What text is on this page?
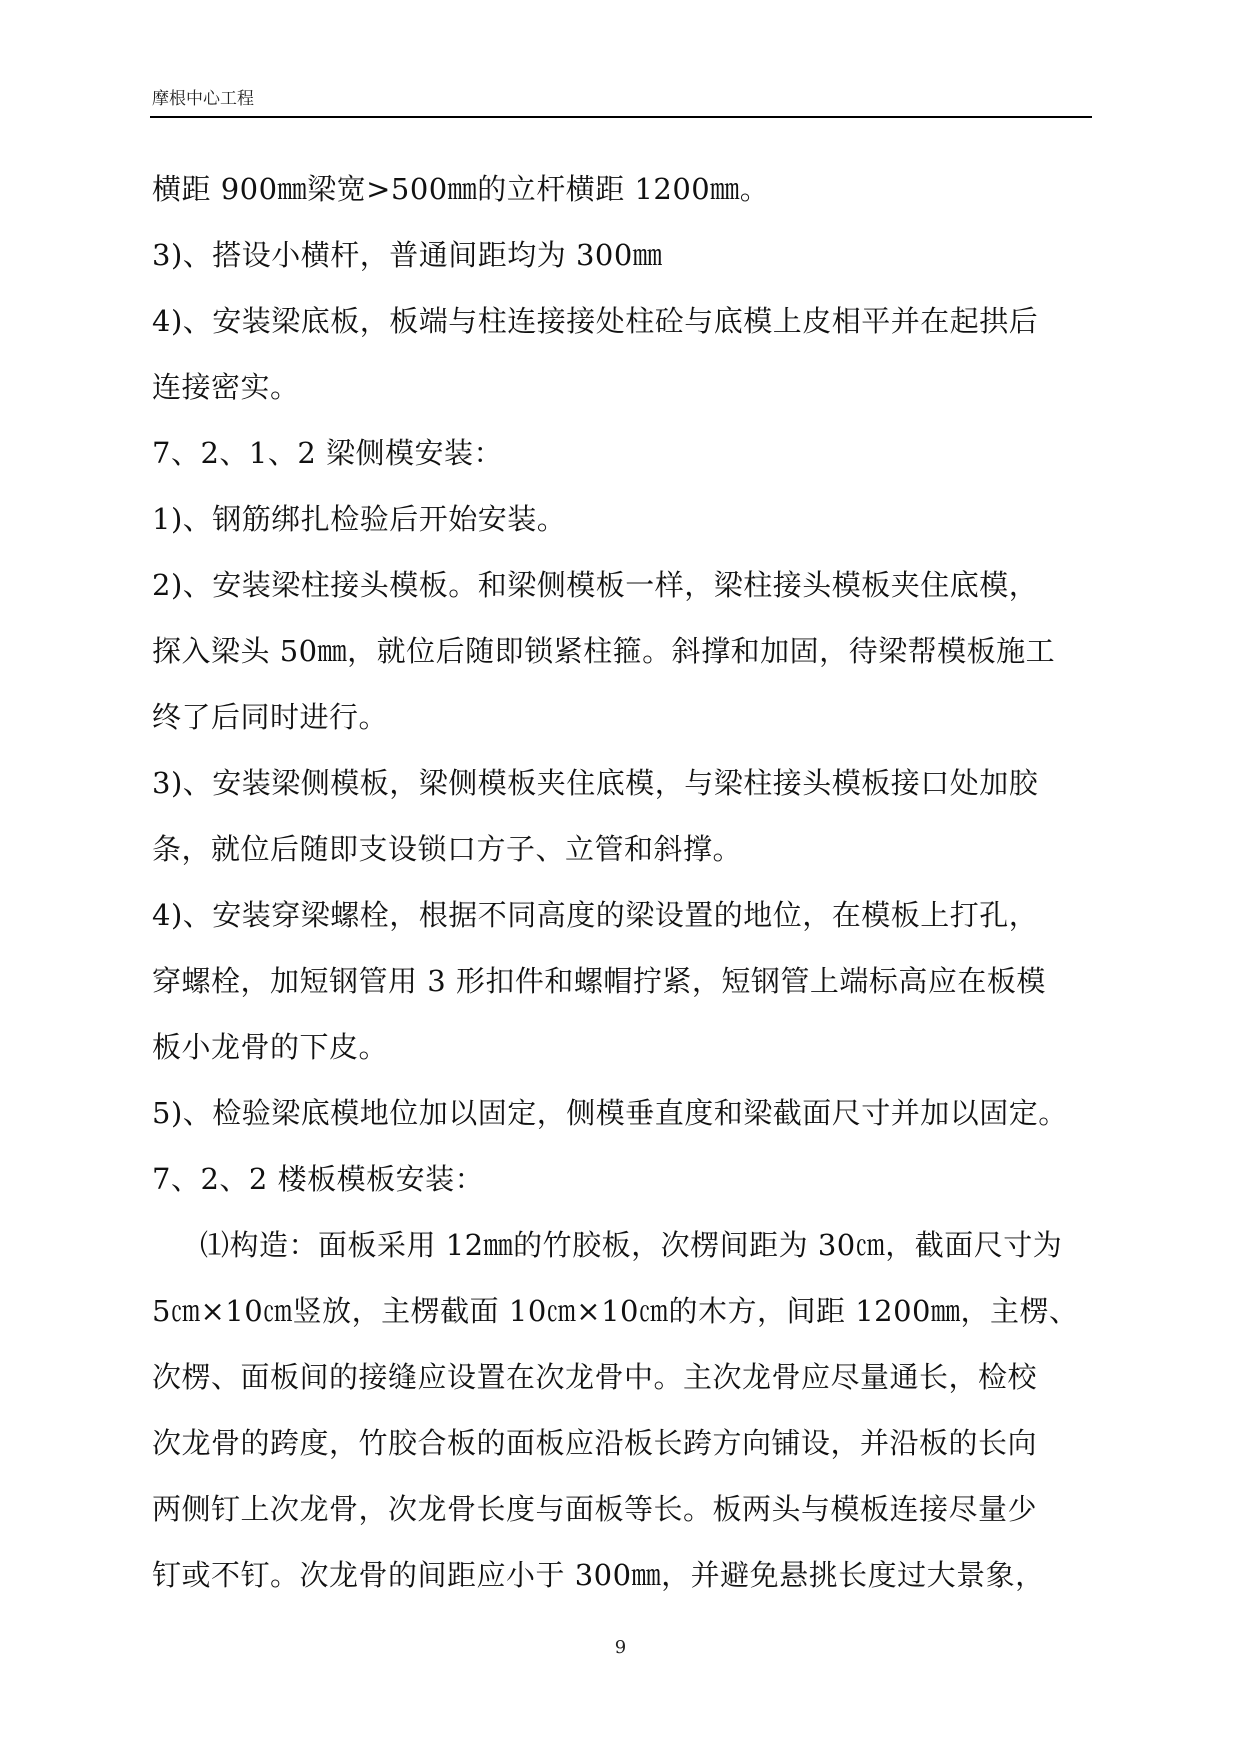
摩根中心工程
横距 900㎜梁宽>500㎜的立杆横距 1200㎜。
3)、搭设小横杆，普通间距均为 300㎜
4)、安装梁底板，板端与柱连接接处柱砼与底模上皮相平并在起拱后
连接密实。
7、2、1、2 梁侧模安装：
1)、钢筋绑扎检验后开始安装。
2)、安装梁柱接头模板。和梁侧模板一样，梁柱接头模板夹住底模，
探入梁头 50㎜，就位后随即锁紧柱箍。斜撑和加固，待梁帮模板施工
终了后同时进行。
3)、安装梁侧模板，梁侧模板夹住底模，与梁柱接头模板接口处加胶
条，就位后随即支设锁口方子、立管和斜撑。
4)、安装穿梁螺栓，根据不同高度的梁设置的地位，在模板上打孔，
穿螺栓，加短钢管用 3 形扣件和螺帽拧紧，短钢管上端标高应在板模
板小龙骨的下皮。
5)、检验梁底模地位加以固定，侧模垂直度和梁截面尺寸并加以固定。
7、2、2 楼板模板安装：
⑴构造：面板采用 12㎜的竹胶板，次楞间距为 30㎝，截面尺寸为
5㎝×10㎝竖放，主楞截面 10㎝×10㎝的木方，间距 1200㎜，主楞、
次楞、面板间的接缝应设置在次龙骨中。主次龙骨应尽量通长，检校
次龙骨的跨度，竹胶合板的面板应沿板长跨方向铺设，并沿板的长向
两侧钉上次龙骨，次龙骨长度与面板等长。板两头与模板连接尽量少
钉或不钉。次龙骨的间距应小于 300㎜，并避免悬挑长度过大景象，
9
